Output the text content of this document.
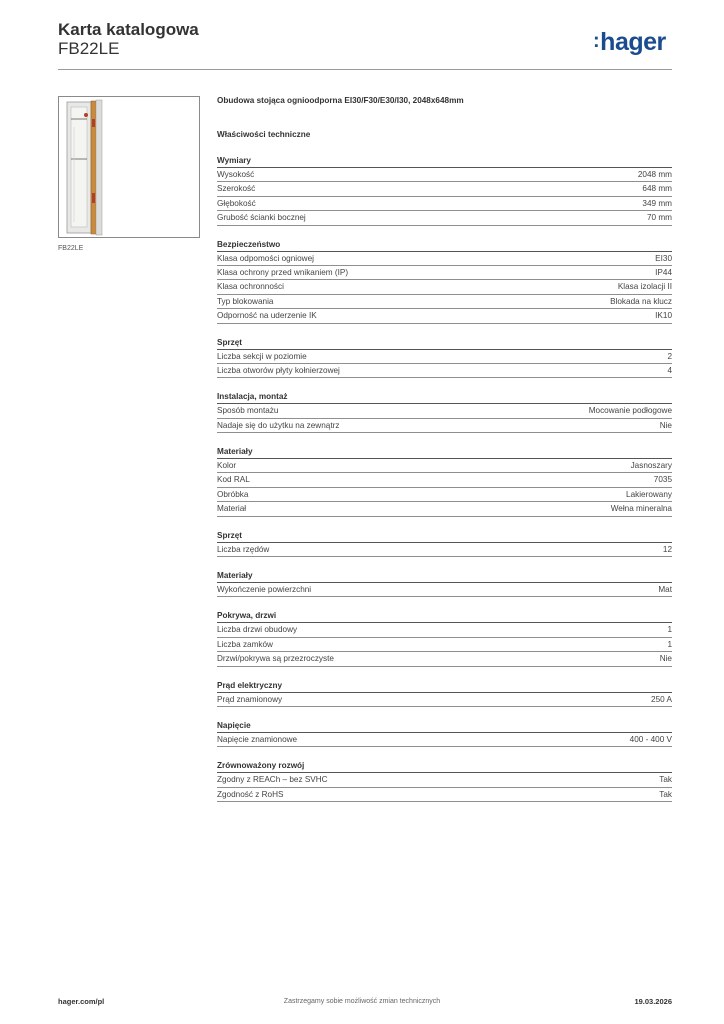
Karta katalogowa
FB22LE	:hager
FB22LE
Obudowa stojąca ognioodporna EI30/F30/E30/I30, 2048x648mm
Właściwości techniczne
Wymiary
Wysokość	2048 mm
Szerokość	648 mm
Głębokość	349 mm
Grubość ścianki bocznej	70 mm
Bezpieczeństwo
Klasa odpomości ogniowej	EI30
Klasa ochrony przed wnikaniem (IP)	IP44
Klasa ochronności	Klasa izolacji II
Typ blokowania	Blokada na klucz
Odporność na uderzenie IK	IK10
Sprzęt
Liczba sekcji w poziomie	2
Liczba otworów płyty kołnierzowej	4
Instalacja, montaż
Sposób montażu	Mocowanie podłogowe
Nadaje się do użytku na zewnątrz	Nie
Materiały
Kolor	Jasnoszary
Kod RAL	7035
Obróbka	Lakierowany
Materiał	Wełna mineralna
Sprzęt
Liczba rzędów	12
Materiały
Wykończenie powierzchni	Mat
Pokrywa, drzwi
Liczba drzwi obudowy	1
Liczba zamków	1
Drzwi/pokrywa są przezroczyste	Nie
Prąd elektryczny
Prąd znamionowy	250 A
Napięcie
Napięcie znamionowe	400 - 400 V
Zrównoważony rozwój
Zgodny z REACh – bez SVHC	Tak
Zgodność z RoHS	Tak
hager.com/pl	Zastrzegamy sobie możliwość zmian technicznych	19.03.2026
